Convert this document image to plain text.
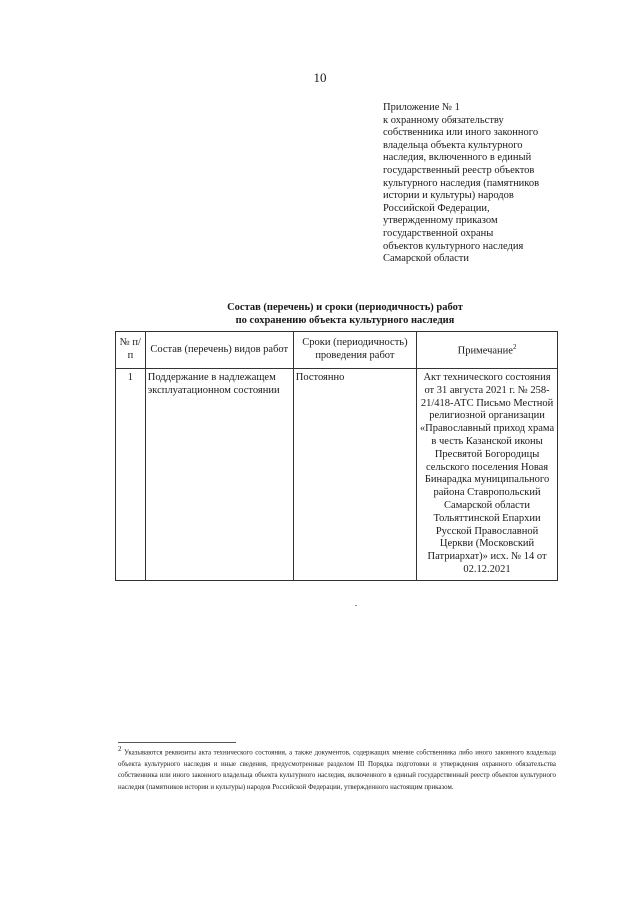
10
Приложение № 1
к охранному обязательству
собственника или иного законного
владельца объекта культурного
наследия, включенного в единый
государственный реестр объектов
культурного наследия (памятников
истории и культуры) народов
Российской Федерации,
утвержденному приказом
государственной охраны
объектов культурного наследия
Самарской области
Состав (перечень) и сроки (периодичность) работ
по сохранению объекта культурного наследия
№ п/п	Состав (перечень) видов работ	Сроки (периодичность) проведения работ	Примечание$^2$
1	Поддержание в надлежащем эксплуатационном состоянии	Постоянно	Акт технического состояния от 31 августа 2021 г. № 258-21/418-АТС Письмо Местной религиозной организации «Православный приход храма в честь Казанской иконы Пресвятой Богородицы сельского поселения Новая Бинарадка муниципального района Ставропольский Самарской области Тольяттинской Епархии Русской Православной Церкви (Московский Патриархат)» исх. № 14 от 02.12.2021
$^2$ Указываются реквизиты акта технического состояния, а также документов, содержащих мнение собственника либо иного законного владельца объекта культурного наследия и иные сведения, предусмотренные разделом III Порядка подготовки и утверждения охранного обязательства собственника или иного законного владельца объекта культурного наследия, включенного в единый государственный реестр объектов культурного наследия (памятников истории и культуры) народов Российской Федерации, утвержденного настоящим приказом.
